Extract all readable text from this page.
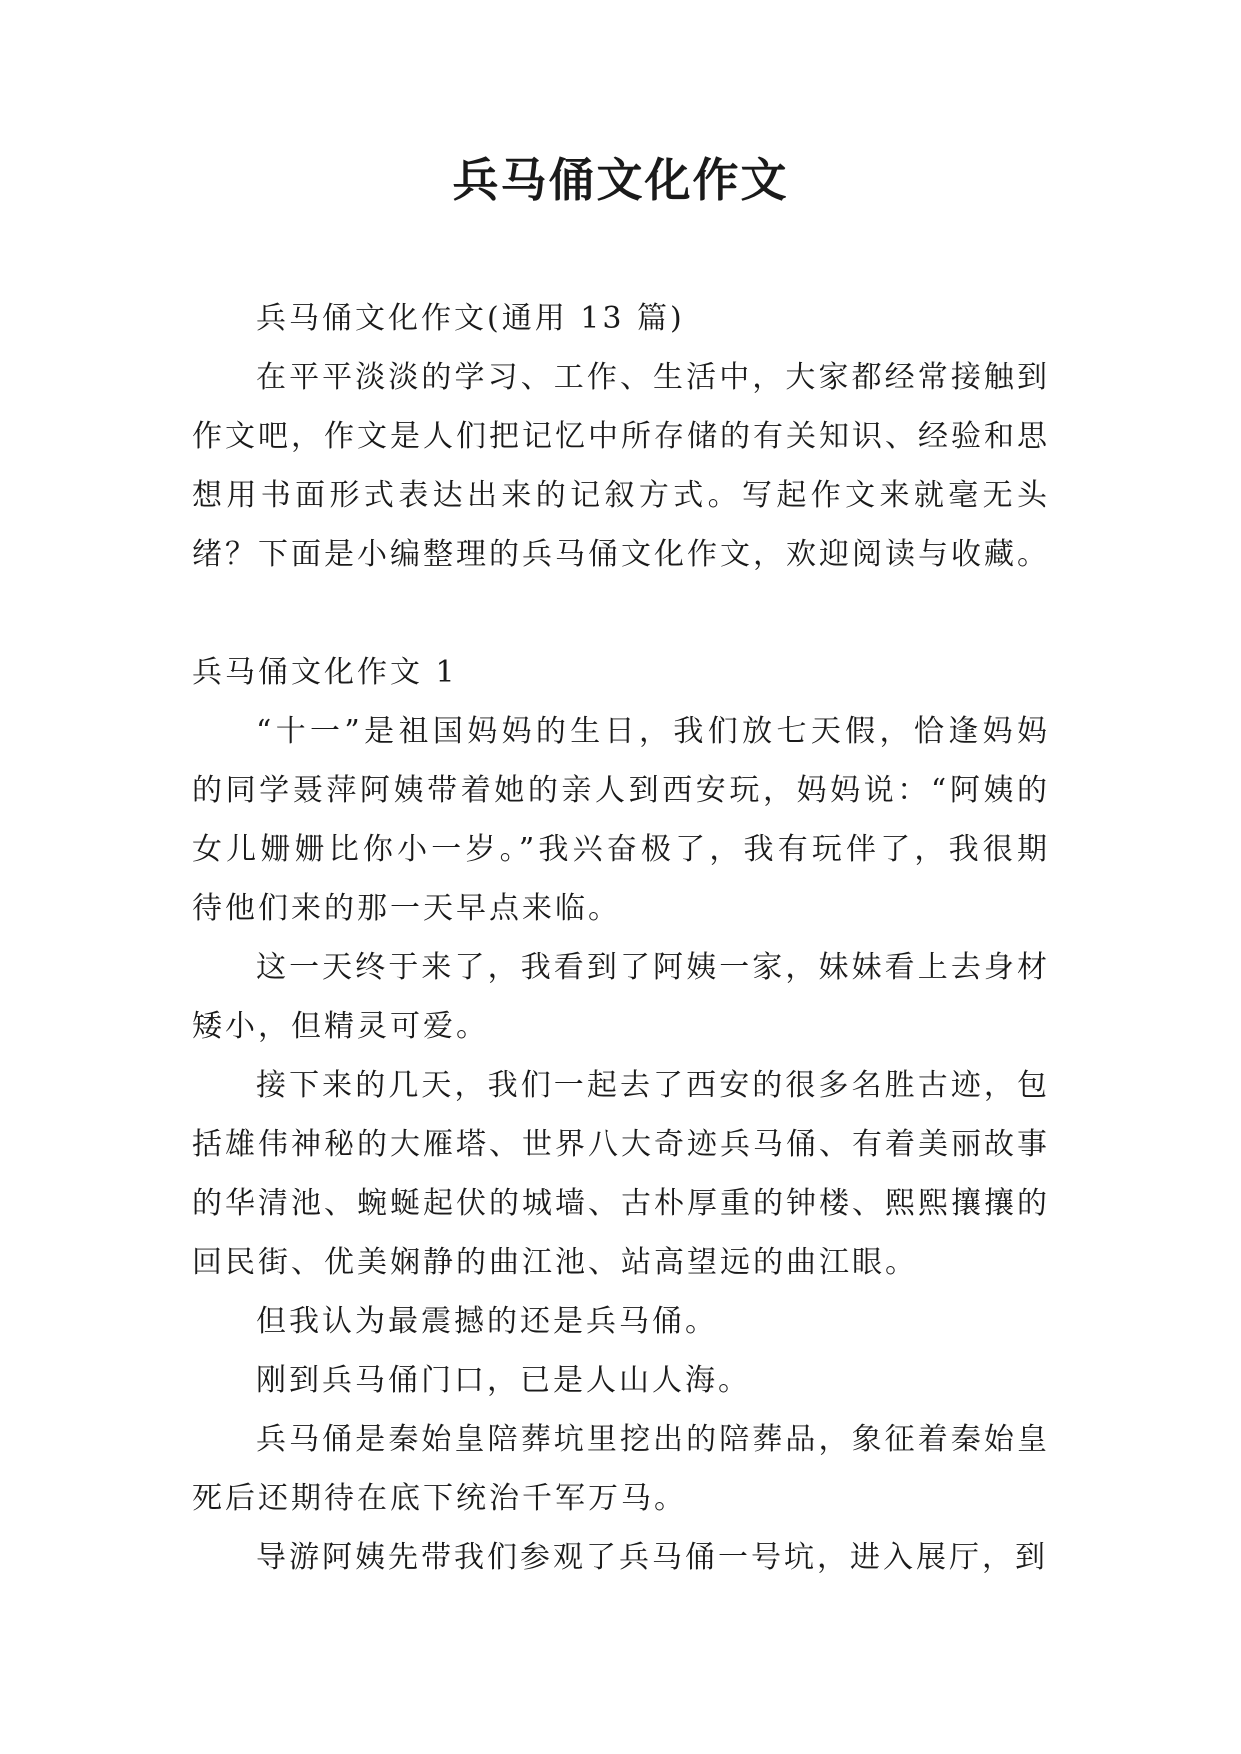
兵马俑文化作文

兵马俑文化作文(通用 13 篇)

在平平淡淡的学习、工作、生活中，大家都经常接触到作文吧，作文是人们把记忆中所存储的有关知识、经验和思想用书面形式表达出来的记叙方式。写起作文来就毫无头绪？下面是小编整理的兵马俑文化作文，欢迎阅读与收藏。

兵马俑文化作文 1

“十一”是祖国妈妈的生日，我们放七天假，恰逢妈妈的同学聂萍阿姨带着她的亲人到西安玩，妈妈说：“阿姨的女儿姗姗比你小一岁。”我兴奋极了，我有玩伴了，我很期待他们来的那一天早点来临。

这一天终于来了，我看到了阿姨一家，妹妹看上去身材矮小，但精灵可爱。

接下来的几天，我们一起去了西安的很多名胜古迹，包括雄伟神秘的大雁塔、世界八大奇迹兵马俑、有着美丽故事的华清池、蜿蜒起伏的城墙、古朴厚重的钟楼、熙熙攘攘的回民街、优美娴静的曲江池、站高望远的曲江眼。

但我认为最震撼的还是兵马俑。

刚到兵马俑门口，已是人山人海。

兵马俑是秦始皇陪葬坑里挖出的陪葬品，象征着秦始皇死后还期待在底下统治千军万马。

导游阿姨先带我们参观了兵马俑一号坑，进入展厅，到
